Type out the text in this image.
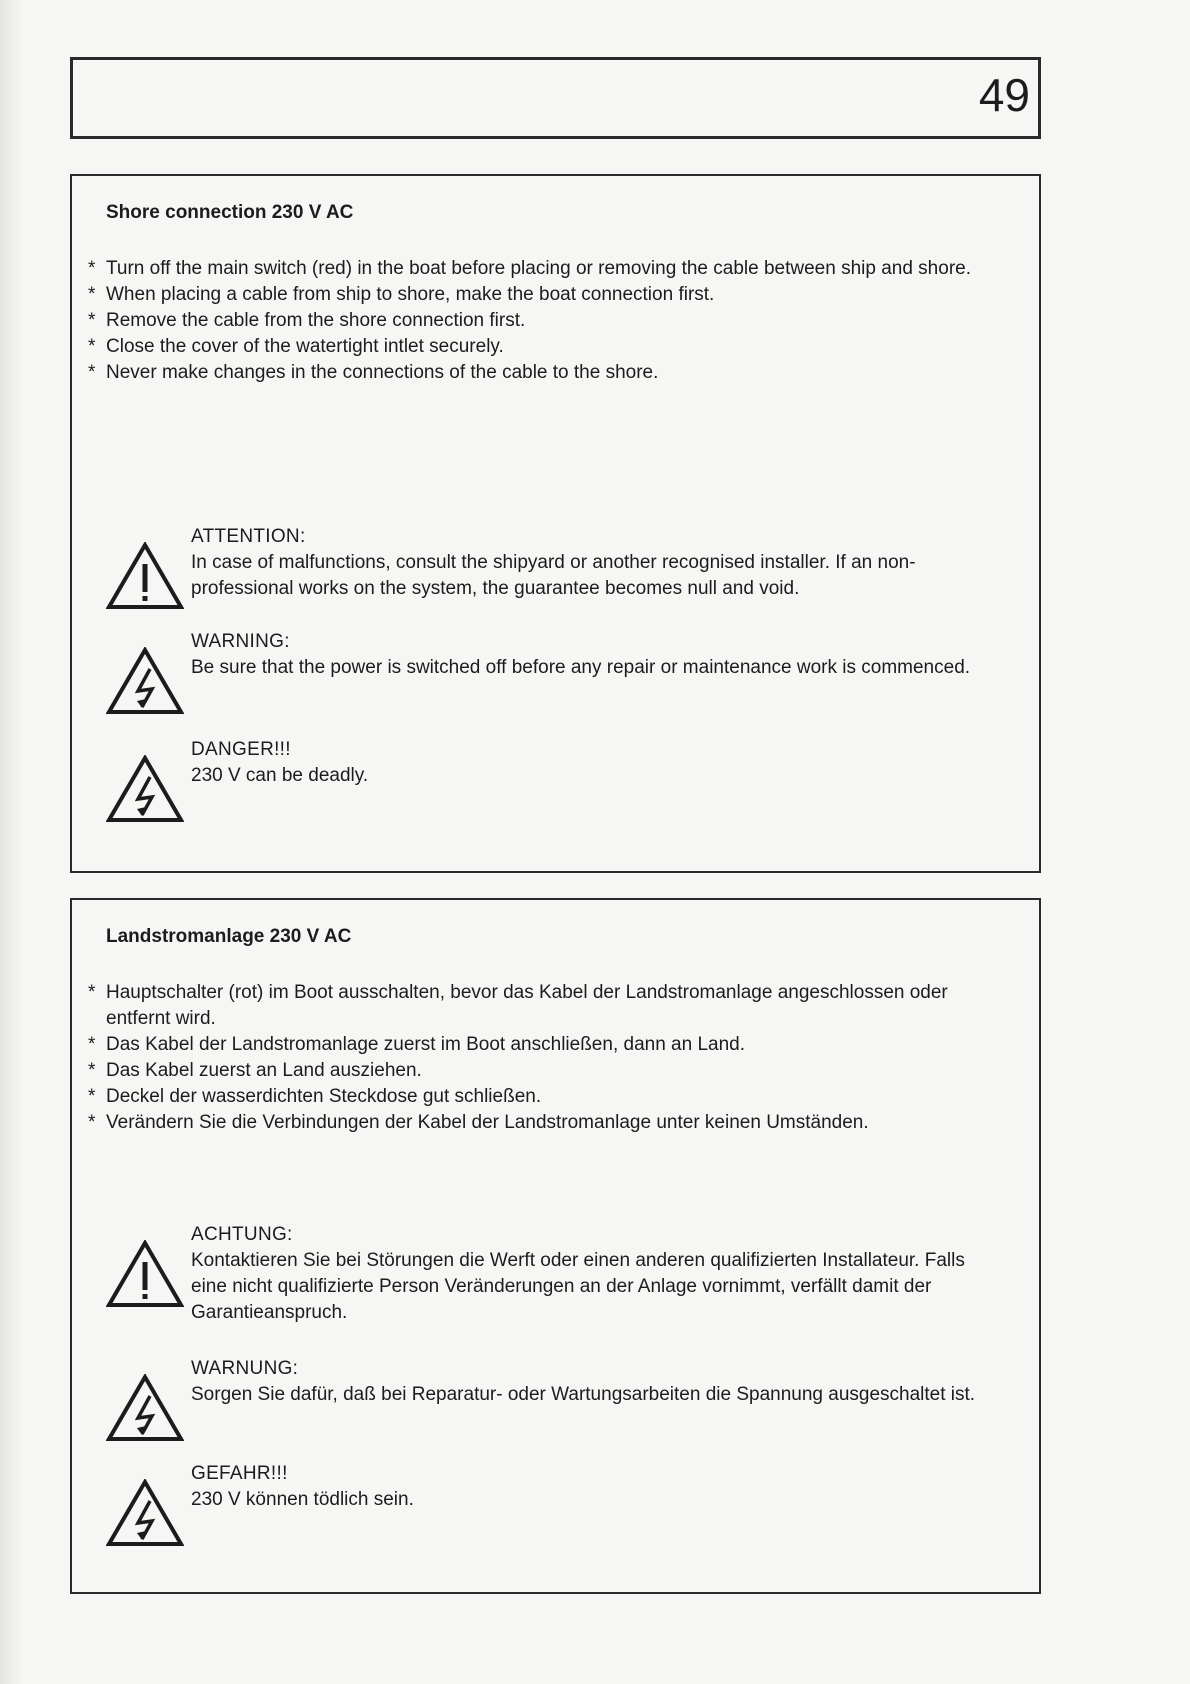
49
Shore connection 230 V AC
* Turn off the main switch (red) in the boat before placing or removing the cable between ship and shore.
* When placing a cable from ship to shore, make the boat connection first.
* Remove the cable from the shore connection first.
* Close the cover of the watertight intlet securely.
* Never make changes in the connections of the cable to the shore.
ATTENTION:
In case of malfunctions, consult the shipyard or another recognised installer. If an non-professional works on the system, the guarantee becomes null and void.
WARNING:
Be sure that the power is switched off before any repair or maintenance work is commenced.
DANGER!!!
230 V can be deadly.
Landstromanlage 230 V AC
* Hauptschalter (rot) im Boot ausschalten, bevor das Kabel der Landstromanlage angeschlossen oder entfernt wird.
* Das Kabel der Landstromanlage zuerst im Boot anschließen, dann an Land.
* Das Kabel zuerst an Land ausziehen.
* Deckel der wasserdichten Steckdose gut schließen.
* Verändern Sie die Verbindungen der Kabel der Landstromanlage unter keinen Umständen.
ACHTUNG:
Kontaktieren Sie bei Störungen die Werft oder einen anderen qualifizierten Installateur. Falls eine nicht qualifizierte Person Veränderungen an der Anlage vornimmt, verfällt damit der Garantieanspruch.
WARNUNG:
Sorgen Sie dafür, daß bei Reparatur- oder Wartungsarbeiten die Spannung ausgeschaltet ist.
GEFAHR!!!
230 V können tödlich sein.
